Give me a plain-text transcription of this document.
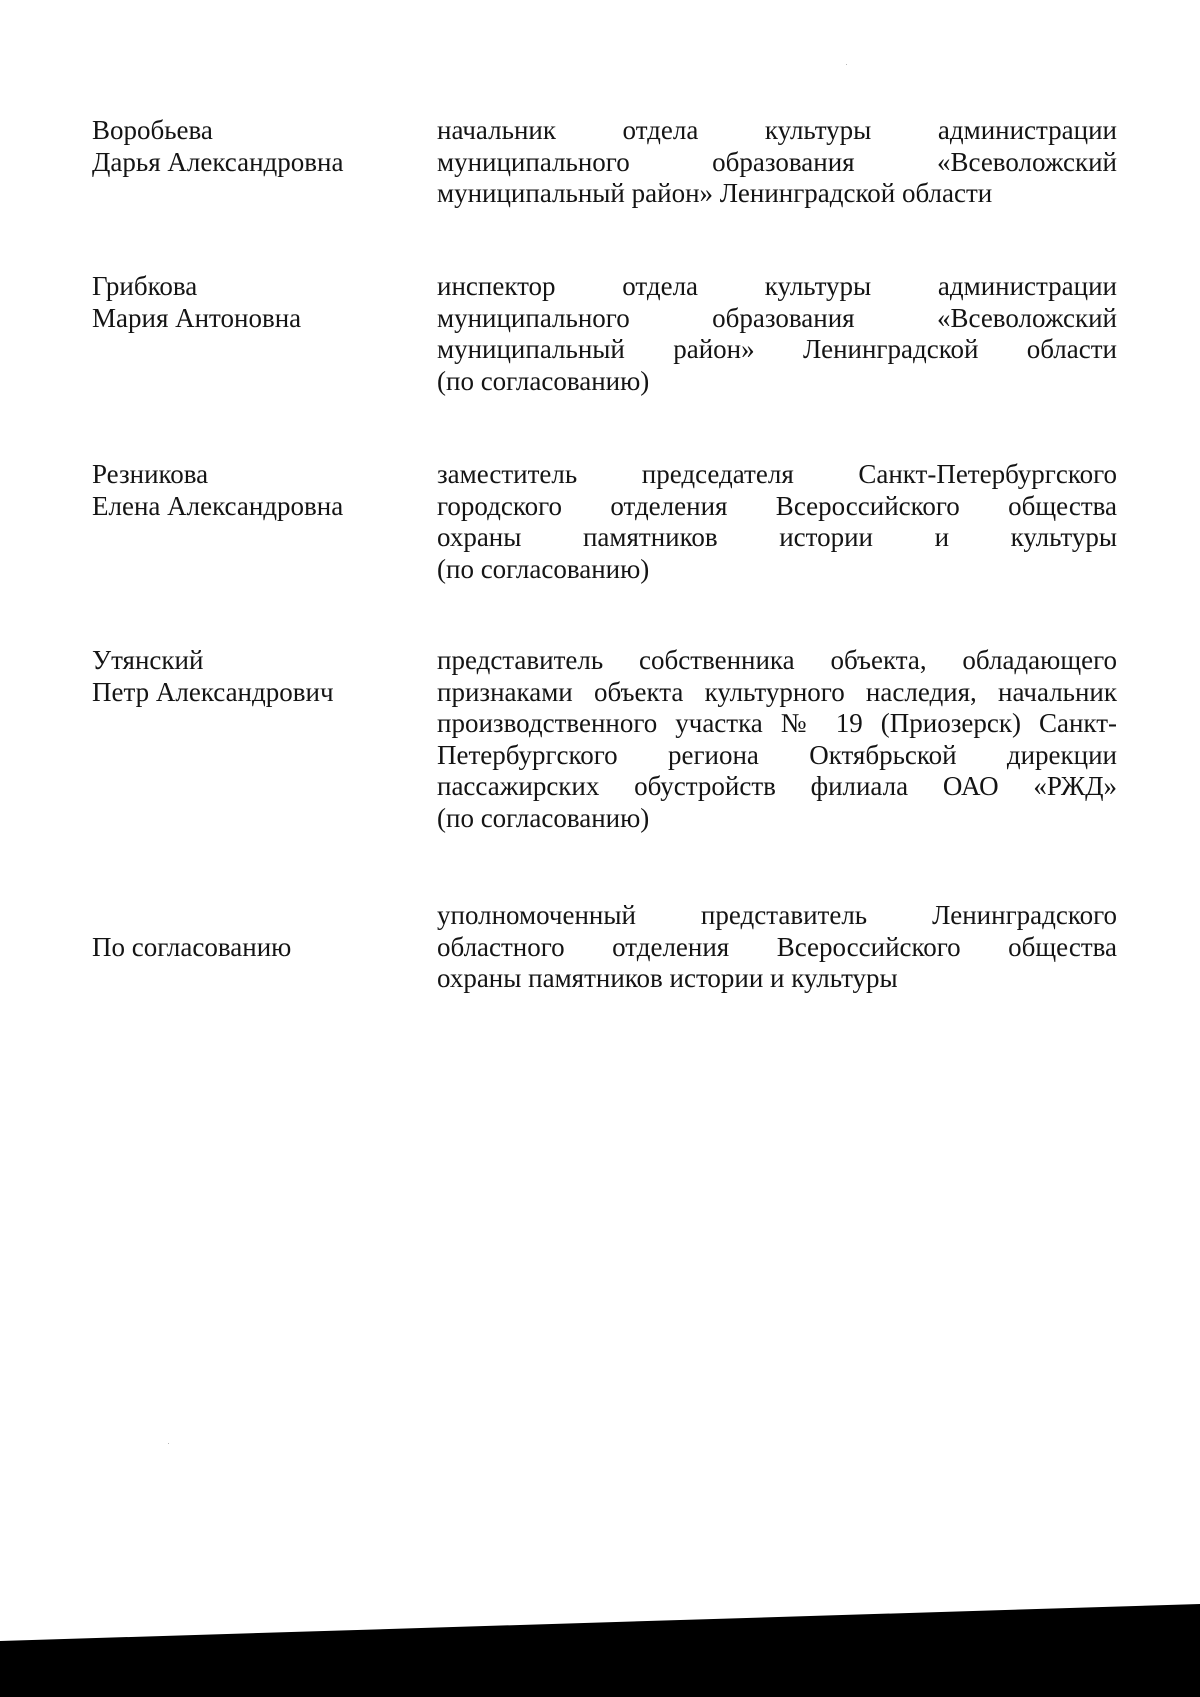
Воробьева
Дарья Александровна
начальник отдела культуры администрации
муниципального образования «Всеволожский
муниципальный район» Ленинградской области
Грибкова
Мария Антоновна
инспектор отдела культуры администрации
муниципального образования «Всеволожский
муниципальный район» Ленинградской области
(по согласованию)
Резникова
Елена Александровна
заместитель председателя Санкт-Петербургского
городского отделения Всероссийского общества
охраны памятников истории и культуры
(по согласованию)
Утянский
Петр Александрович
представитель собственника объекта, обладающего
признаками объекта культурного наследия, начальник
производственного участка № 19 (Приозерск) Санкт-
Петербургского региона Октябрьской дирекции
пассажирских обустройств филиала ОАО «РЖД»
(по согласованию)

По согласованию
уполномоченный представитель Ленинградского
областного отделения Всероссийского общества
охраны памятников истории и культуры
